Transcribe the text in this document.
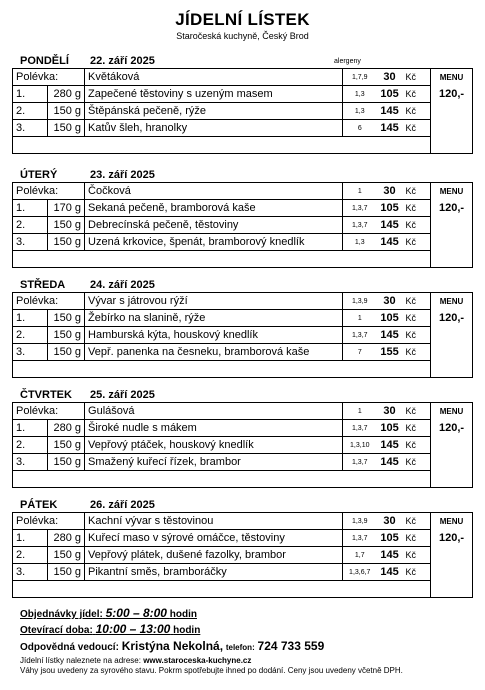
JÍDELNÍ LÍSTEK
Staročeská kuchyně, Český Brod
PONDĚLÍ 22. září 2025	alergeny
Polévka:		Květáková	1,7,9	30	Kč	MENU
1.	280 g	Zapečené těstoviny s uzeným masem	1,3	105	Kč	120,-
2.	150 g	Štěpánská pečeně, rýže	1,3	145	Kč	
3.	150 g	Katův šleh, hranolky	6	145	Kč	

ÚTERÝ	23. září 2025
Polévka:		Čočková	1	30	Kč	MENU
1.	170 g	Sekaná pečeně, bramborová kaše	1,3,7	105	Kč	120,-
2.	150 g	Debrecínská pečeně, těstoviny	1,3,7	145	Kč	
3.	150 g	Uzená krkovice, špenát, bramborový knedlík	1,3	145	Kč	

STŘEDA 24. září 2025
Polévka:		Vývar s játrovou rýží	1,3,9	30	Kč	MENU
1.	150 g	Žebírko na slanině, rýže	1	105	Kč	120,-
2.	150 g	Hamburská kýta, houskový knedlík	1,3,7	145	Kč	
3.	150 g	Vepř. panenka na česneku, bramborová kaše	7	155	Kč	

ČTVRTEK 25. září 2025
Polévka:		Gulášová	1	30	Kč	MENU
1.	280 g	Široké nudle s mákem	1,3,7	105	Kč	120,-
2.	150 g	Vepřový ptáček, houskový knedlík	1,3,10	145	Kč	
3.	150 g	Smažený kuřecí řízek, brambor	1,3,7	145	Kč	

PÁTEK	26. září 2025
Polévka:		Kachní vývar s těstovinou	1,3,9	30	Kč	MENU
1.	280 g	Kuřecí maso v sýrové omáčce, těstoviny	1,3,7	105	Kč	120,-
2.	150 g	Vepřový plátek, dušené fazolky, brambor	1,7	145	Kč	
3.	150 g	Pikantní směs, bramboráčky	1,3,6,7	145	Kč	

Objednávky jídel: 5:00 – 8:00 hodin
Otevírací doba: 10:00 – 13:00 hodin
Odpovědná vedoucí: Kristýna Nekolná, telefon: 724 733 559
Jídelní lístky naleznete na adrese: www.staroceska-kuchyne.cz
Váhy jsou uvedeny za syrového stavu. Pokrm spotřebujte ihned po dodání. Ceny jsou uvedeny včetně DPH.
